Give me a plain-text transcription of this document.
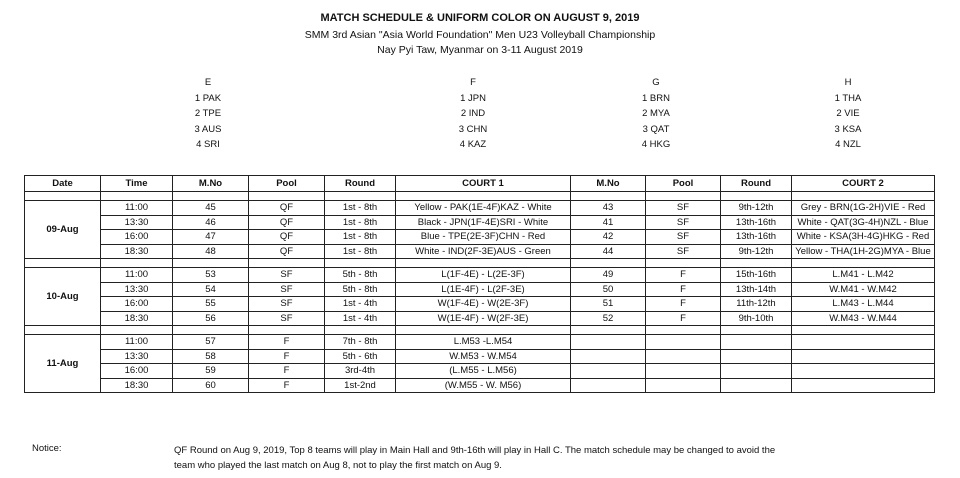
MATCH SCHEDULE & UNIFORM COLOR ON AUGUST 9, 2019
SMM 3rd Asian "Asia World Foundation" Men U23 Volleyball Championship
Nay Pyi Taw, Myanmar on 3-11 August 2019
E
1 PAK
2 TPE
3 AUS
4 SRI
F
1 JPN
2 IND
3 CHN
4 KAZ
G
1 BRN
2 MYA
3 QAT
4 HKG
H
1 THA
2 VIE
3 KSA
4 NZL
Date	Time	M.No	Pool	Round	COURT 1	M.No	Pool	Round	COURT 2

09-Aug	11:00	45	QF	1st - 8th	Yellow - PAK(1E-4F)KAZ - White	43	SF	9th-12th	Grey - BRN(1G-2H)VIE - Red
	13:30	46	QF	1st - 8th	Black - JPN(1F-4E)SRI - White	41	SF	13th-16th	White - QAT(3G-4H)NZL - Blue
	16:00	47	QF	1st - 8th	Blue - TPE(2E-3F)CHN - Red	42	SF	13th-16th	White - KSA(3H-4G)HKG - Red
	18:30	48	QF	1st - 8th	White - IND(2F-3E)AUS - Green	44	SF	9th-12th	Yellow - THA(1H-2G)MYA - Blue

10-Aug	11:00	53	SF	5th - 8th	L(1F-4E) - L(2E-3F)	49	F	15th-16th	L.M41 - L.M42
	13:30	54	SF	5th - 8th	L(1E-4F) - L(2F-3E)	50	F	13th-14th	W.M41 - W.M42
	16:00	55	SF	1st - 4th	W(1F-4E) - W(2E-3F)	51	F	11th-12th	L.M43 - L.M44
	18:30	56	SF	1st - 4th	W(1E-4F) - W(2F-3E)	52	F	9th-10th	W.M43 - W.M44

11-Aug	11:00	57	F	7th - 8th	L.M53 -L.M54				
	13:30	58	F	5th - 6th	W.M53 - W.M54				
	16:00	59	F	3rd-4th	(L.M55 - L.M56)				
	18:30	60	F	1st-2nd	(W.M55 - W. M56)				
Notice:	QF Round on Aug 9, 2019, Top 8 teams will play in Main Hall and 9th-16th will play in Hall C. The match schedule may be changed to avoid the team who played the last match on Aug 8, not to play the first match on Aug 9.
